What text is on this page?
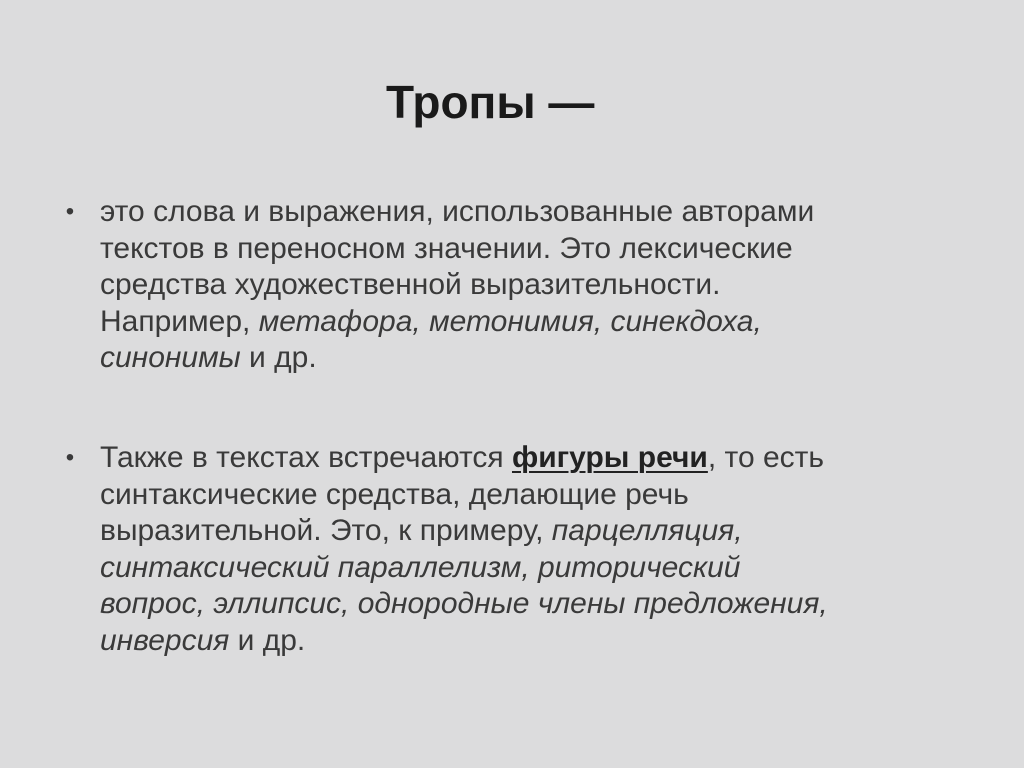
Тропы —
• это слова и выражения, использованные авторами
текстов в переносном значении. Это лексические
средства художественной выразительности.
Например, метафора, метонимия, синекдоха,
синонимы и др.

• Также в текстах встречаются фигуры речи, то есть
синтаксические средства, делающие речь
выразительной. Это, к примеру, парцелляция,
синтаксический параллелизм, риторический
вопрос, эллипсис, однородные члены предложения,
инверсия и др.
